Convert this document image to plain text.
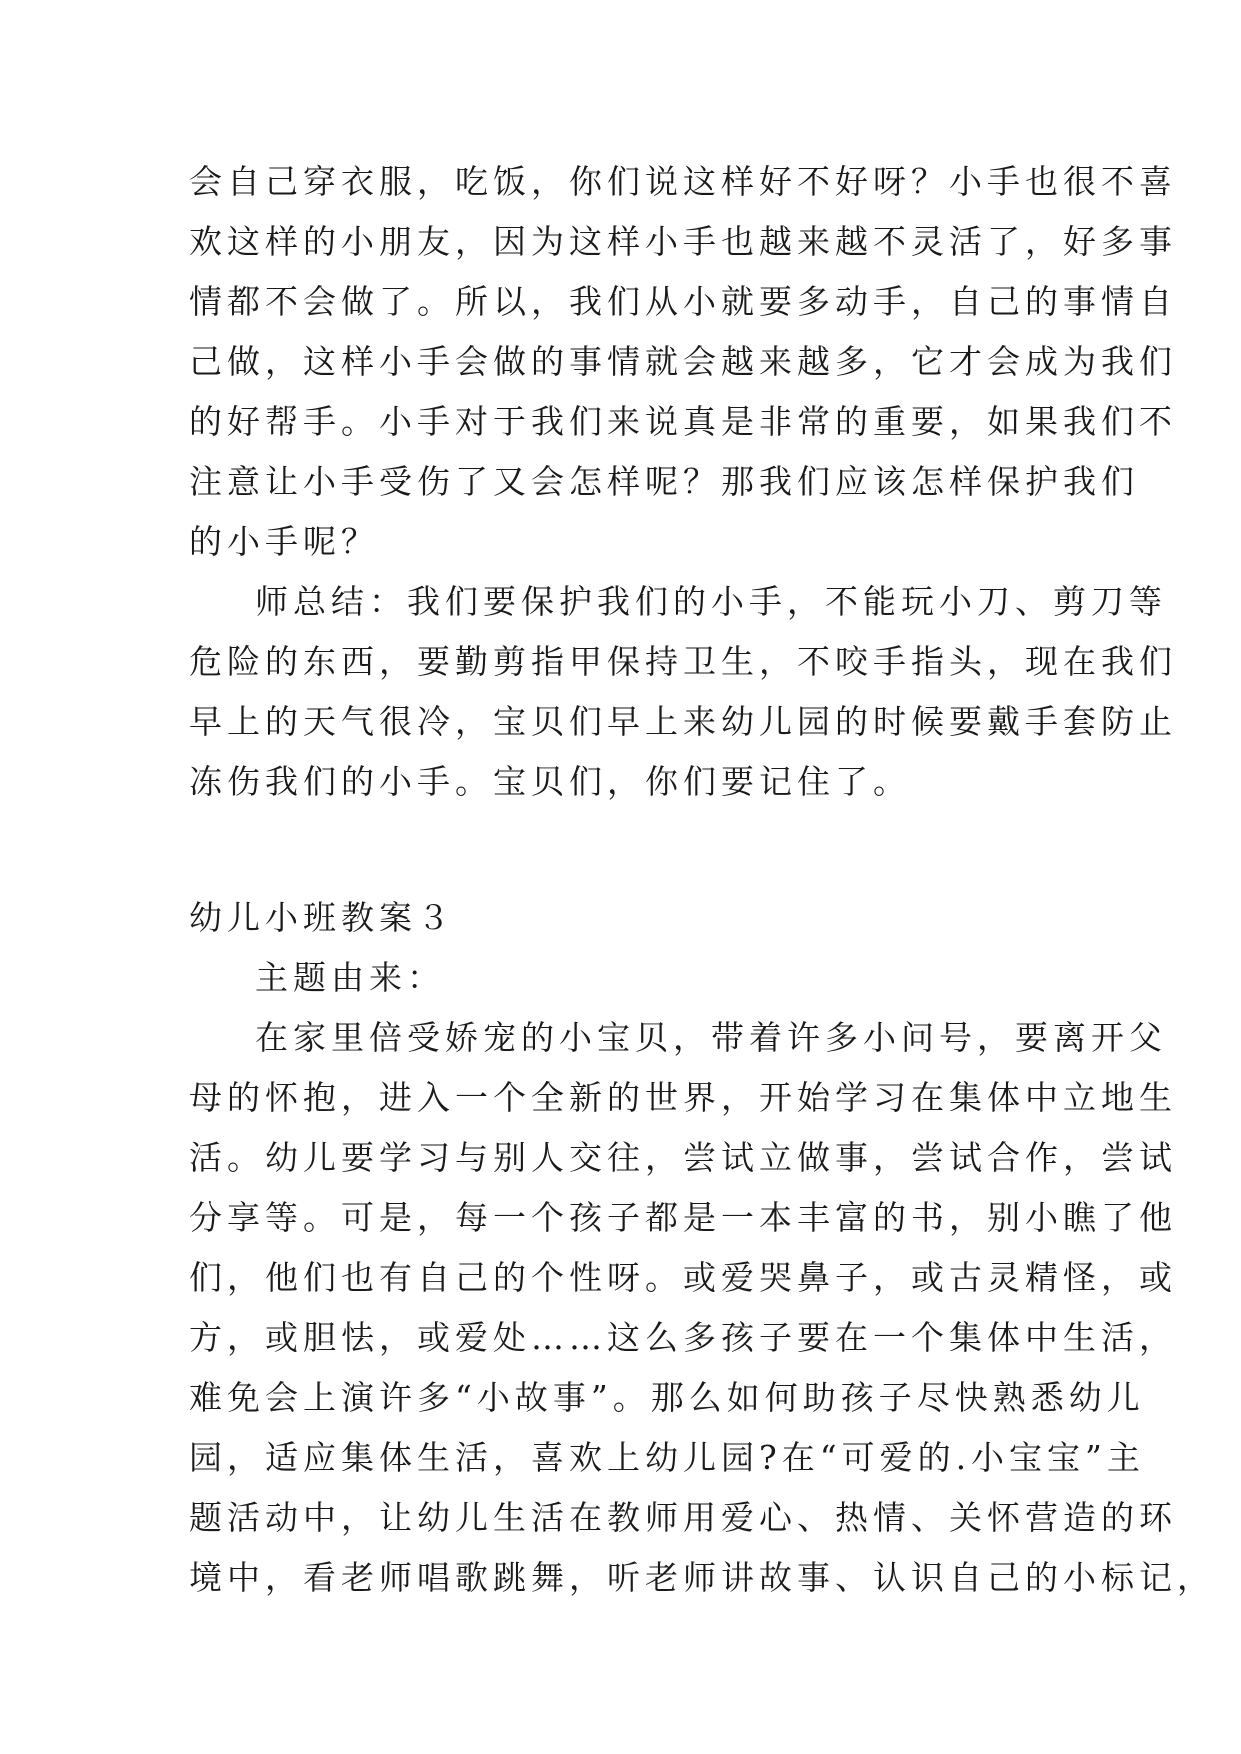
会自己穿衣服，吃饭，你们说这样好不好呀？小手也很不喜
欢这样的小朋友，因为这样小手也越来越不灵活了，好多事
情都不会做了。所以，我们从小就要多动手，自己的事情自
己做，这样小手会做的事情就会越来越多，它才会成为我们
的好帮手。小手对于我们来说真是非常的重要，如果我们不
注意让小手受伤了又会怎样呢？那我们应该怎样保护我们
的小手呢？
师总结：我们要保护我们的小手，不能玩小刀、剪刀等
危险的东西，要勤剪指甲保持卫生，不咬手指头，现在我们
早上的天气很冷，宝贝们早上来幼儿园的时候要戴手套防止
冻伤我们的小手。宝贝们，你们要记住了。
幼儿小班教案３
主题由来：
在家里倍受娇宠的小宝贝，带着许多小问号，要离开父
母的怀抱，进入一个全新的世界，开始学习在集体中立地生
活。幼儿要学习与别人交往，尝试立做事，尝试合作，尝试
分享等。可是，每一个孩子都是一本丰富的书，别小瞧了他
们，他们也有自己的个性呀。或爱哭鼻子，或古灵精怪，或
方，或胆怯，或爱处……这么多孩子要在一个集体中生活，
难免会上演许多“小故事”。那么如何助孩子尽快熟悉幼儿
园，适应集体生活，喜欢上幼儿园?在“可爱的.小宝宝”主
题活动中，让幼儿生活在教师用爱心、热情、关怀营造的环
境中，看老师唱歌跳舞，听老师讲故事、认识自己的小标记，
